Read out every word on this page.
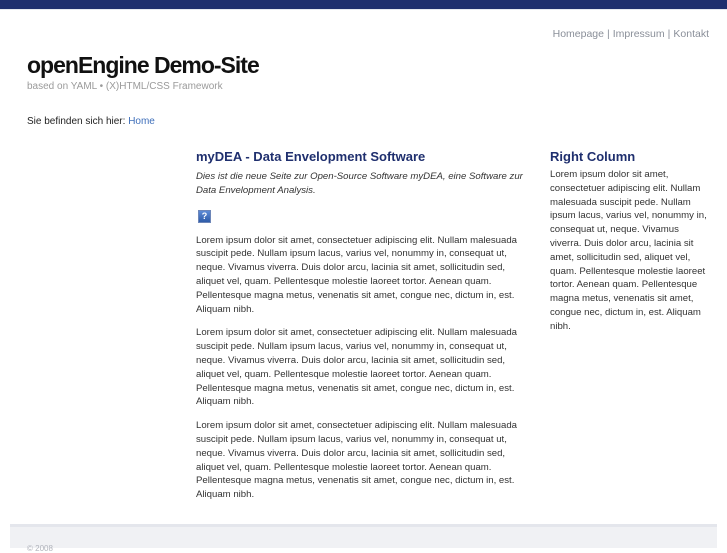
Homepage | Impressum | Kontakt
openEngine Demo-Site
based on YAML • (X)HTML/CSS Framework
Sie befinden sich hier: Home
myDEA - Data Envelopment Software

Dies ist die neue Seite zur Open-Source Software myDEA, eine Software zur Data Envelopment Analysis.

?

Lorem ipsum dolor sit amet, consectetuer adipiscing elit. Nullam malesuada suscipit pede. Nullam ipsum lacus, varius vel, nonummy in, consequat ut, neque. Vivamus viverra. Duis dolor arcu, lacinia sit amet, sollicitudin sed, aliquet vel, quam. Pellentesque molestie laoreet tortor. Aenean quam. Pellentesque magna metus, venenatis sit amet, congue nec, dictum in, est. Aliquam nibh.

Lorem ipsum dolor sit amet, consectetuer adipiscing elit. Nullam malesuada suscipit pede. Nullam ipsum lacus, varius vel, nonummy in, consequat ut, neque. Vivamus viverra. Duis dolor arcu, lacinia sit amet, sollicitudin sed, aliquet vel, quam. Pellentesque molestie laoreet tortor. Aenean quam. Pellentesque magna metus, venenatis sit amet, congue nec, dictum in, est. Aliquam nibh.

Lorem ipsum dolor sit amet, consectetuer adipiscing elit. Nullam malesuada suscipit pede. Nullam ipsum lacus, varius vel, nonummy in, consequat ut, neque. Vivamus viverra. Duis dolor arcu, lacinia sit amet, sollicitudin sed, aliquet vel, quam. Pellentesque molestie laoreet tortor. Aenean quam. Pellentesque magna metus, venenatis sit amet, congue nec, dictum in, est. Aliquam nibh.

Right Column

Lorem ipsum dolor sit amet, consectetuer adipiscing elit. Nullam malesuada suscipit pede. Nullam ipsum lacus, varius vel, nonummy in, consequat ut, neque. Vivamus viverra. Duis dolor arcu, lacinia sit amet, sollicitudin sed, aliquet vel, quam. Pellentesque molestie laoreet tortor. Aenean quam. Pellentesque magna metus, venenatis sit amet, congue nec, dictum in, est. Aliquam nibh.

© 2008
